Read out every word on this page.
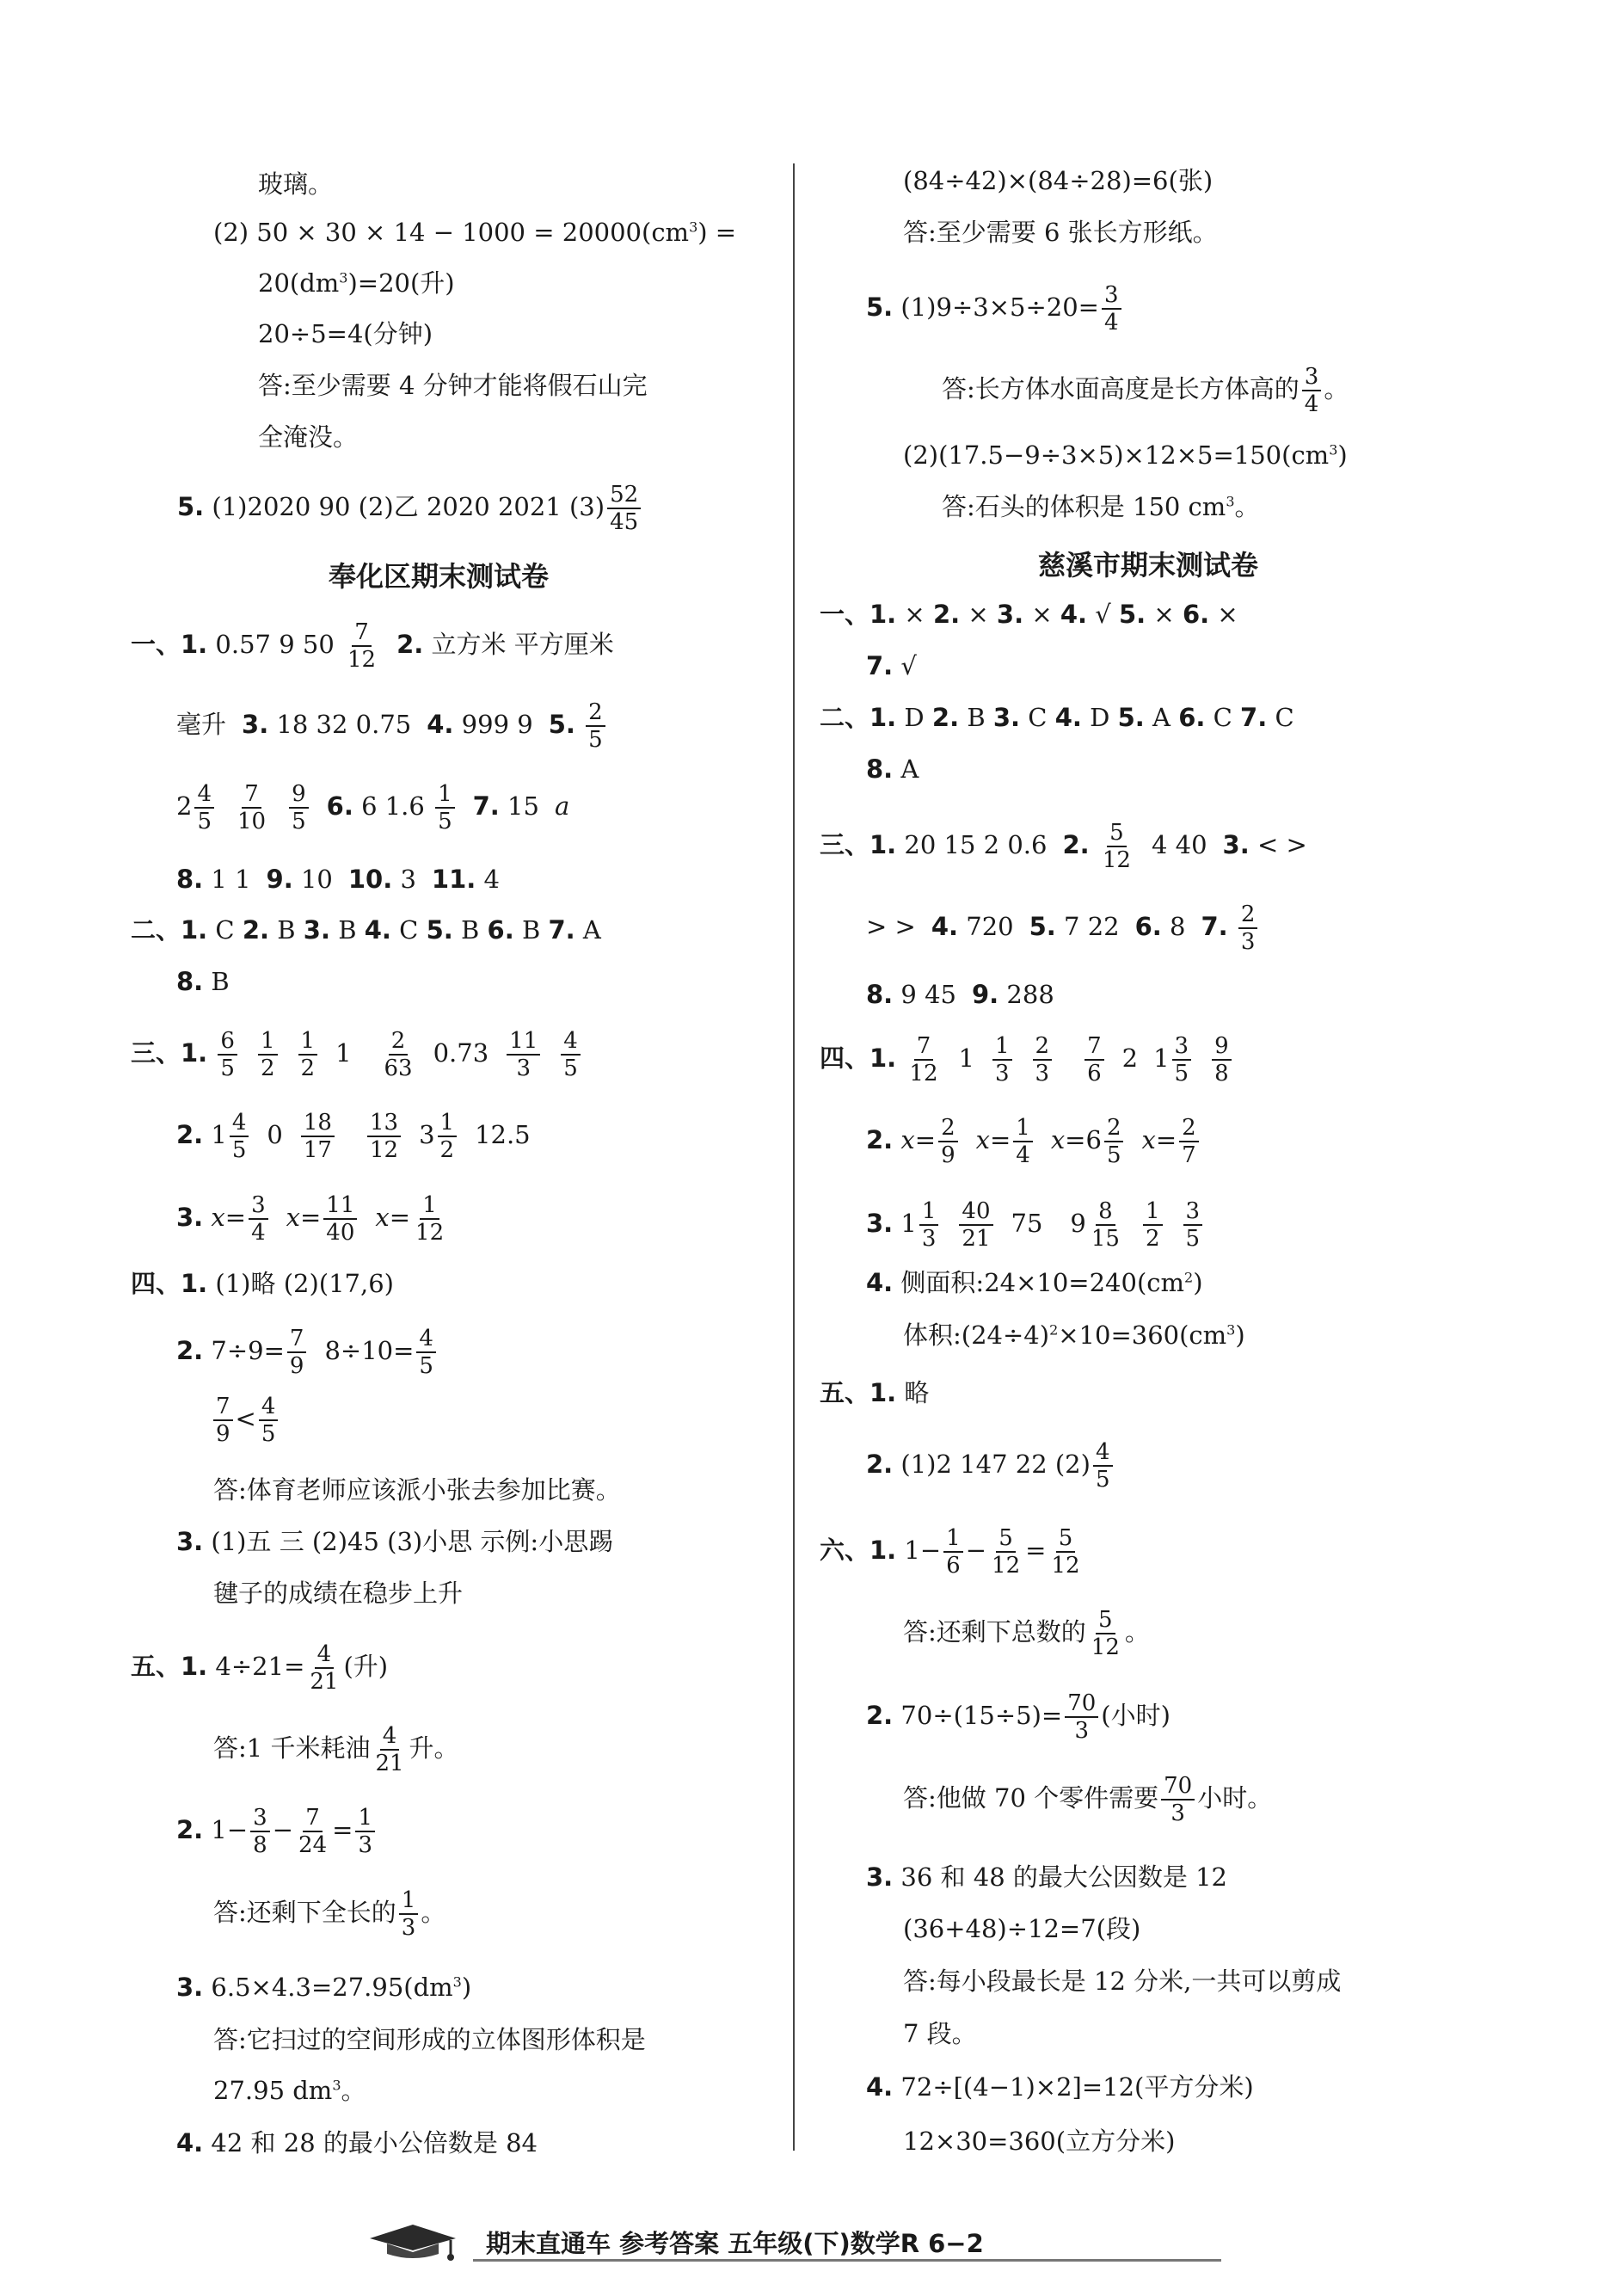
玻璃。
(2) $50 \times 30 \times 14 - 1000 = 20000(cm^3)$ =
$20(dm^3)=20$(升)
20÷5=4(分钟)
答:至少需要 4 分钟才能将假石山完
全淹没。
5. (1)2020 90 (2)乙 2020 2021 $(3) \frac{52}{45}$
奉化区期末测试卷
一、1. 0.57 9 $50 \frac{7}{12} 2$. 立方米 平方厘米
毫升 3. 18 32 0.75 4. 999 9 5. $\frac{2}{5}$
$2 \frac{4}{5} \frac{7}{10} \frac{9}{5} 6$. 6 $1.6 \frac{1}{5} 7$. 15 a
8. 1 1 9. 10 10. 3 11. 4
二、1. C 2. B 3. B 4. C 5. B 6. B 7. A
8. B
三、1. $\frac{6}{5} \frac{1}{2} \frac{1}{2} 1 \frac{2}{63} 0.73 \frac{11}{3} \frac{4}{5}$
2. $1 \frac{4}{5} 0 \frac{18}{17} \frac{13}{12} 3 \frac{1}{2} 12.5$
3. $x= \frac{3}{4} x= \frac{11}{40} x= \frac{1}{12}$
四、1. (1)略 (2)(17,6)
2. $7\div 9= \frac{7}{9} 8\div 10= \frac{4}{5}$
$\frac{7}{9} < \frac{4}{5}$
答:体育老师应该派小张去参加比赛。
3. (1)五 三 (2)45 (3)小思 示例:小思踢
毽子的成绩在稳步上升
五、1. $4\div 21= \frac{4}{21}$ (升)
答:1 千米耗油 $\frac{4}{21}$ 升。
2. $1- \frac{3}{8} - \frac{7}{24} = \frac{1}{3}$
答:还剩下全长的 $\frac{1}{3}$ 。
3. $6.5\times 4.3=27.95(dm^3)$
答:它扫过的空间形成的立体图形体积是
27.95 $dm^3$。
4. 42 和 28 的最小公倍数是 84
(84÷42)×(84÷28)=6(张)
答:至少需要 6 张长方形纸。
5. $(1)9\div 3\times 5\div 20= \frac{3}{4}$
答:长方体水面高度是长方体高的 $\frac{3}{4}$ 。
$(2)(17.5-9\div 3\times 5)\times 12\times 5=150(cm^3)$
答:石头的体积是 150 $cm^3$。
慈溪市期末测试卷
一、1. × 2. × 3. × 4. √ 5. × 6. ×
7. √
二、1. D 2. B 3. C 4. D 5. A 6. C 7. C
8. A
三、1. 20 15 2 0.6 2. $\frac{5}{12} 4$ 40 3. < >
> > 4. 720 5. 7 22 6. 8 7. $\frac{2}{3}$
8. 9 45 9. 288
四、1. $\frac{7}{12} 1 \frac{1}{3} \frac{2}{3} \frac{7}{6} 2$ $1 \frac{3}{5} \frac{9}{8}$
2. $x= \frac{2}{9} x= \frac{1}{4} x=6 \frac{2}{5} x= \frac{2}{7}$
3. $1 \frac{1}{3} \frac{40}{21} 75$ $9 \frac{8}{15} \frac{1}{2} \frac{3}{5}$
4. 侧面积$:24\times 10=240(cm^2)$
体积$:(24\div 4)^2\times 10=360(cm^3)$
五、1. 略
2. (1)2 147 22 $(2) \frac{4}{5}$
六、1. $1- \frac{1}{6} - \frac{5}{12} = \frac{5}{12}$
答:还剩下总数的 $\frac{5}{12}$ 。
2. $70\div(15\div 5)= \frac{70}{3}$ (小时)
答:他做 70 个零件需要 $\frac{70}{3}$ 小时。
3. 36 和 48 的最大公因数是 12
(36+48)÷12=7(段)
答:每小段最长是 12 分米,一共可以剪成
7 段。
4. 72÷[(4−1)×2]=12(平方分米)
12×30=360(立方分米)
期末直通车 参考答案 五年级(下)数学R 6−2
